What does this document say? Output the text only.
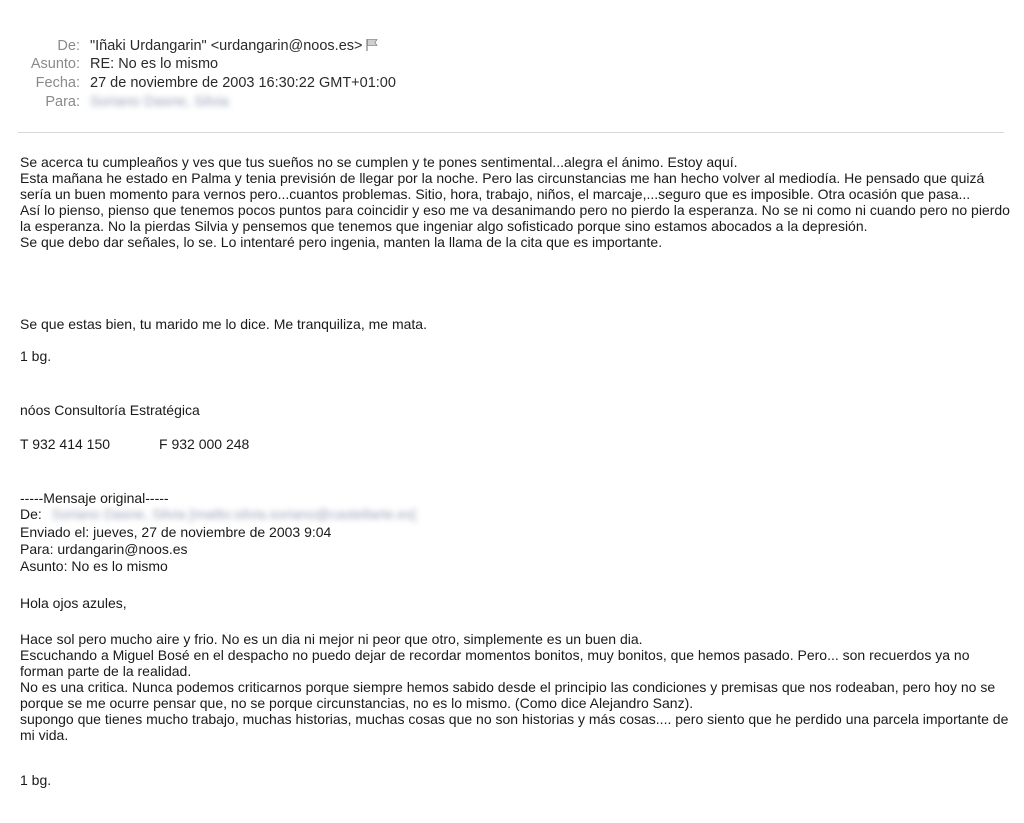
De: "Iñaki Urdangarin" <urdangarin@noos.es>
Asunto: RE: No es lo mismo
Fecha: 27 de noviembre de 2003 16:30:22 GMT+01:00
Para: Soriano Dasne, Silvia
Se acerca tu cumpleaños y ves que tus sueños no se cumplen y te pones sentimental...alegra el ánimo. Estoy aquí.
Esta mañana he estado en Palma y tenia previsión de llegar por la noche. Pero las circunstancias me han hecho volver al mediodía. He pensado que quizá sería un buen momento para vernos pero...cuantos problemas. Sitio, hora, trabajo, niños, el marcaje,...seguro que es imposible. Otra ocasión que pasa...
Así lo pienso, pienso que tenemos pocos puntos para coincidir y eso me va desanimando pero no pierdo la esperanza. No se ni como ni cuando pero no pierdo la esperanza. No la pierdas Silvia y pensemos que tenemos que ingeniar algo sofisticado porque sino estamos abocados a la depresión.
Se que debo dar señales, lo se. Lo intentaré pero ingenia, manten la llama de la cita que es importante.
Se que estas bien, tu marido me lo dice. Me tranquiliza, me mata.
1 bg.
nóos Consultoría Estratégica
T 932 414 150	F 932 000 248
-----Mensaje original-----
De: Soriano Dasne, Silvia [mailto:silvia.soriano@castellarte.es]
Enviado el: jueves, 27 de noviembre de 2003 9:04
Para: urdangarin@noos.es
Asunto: No es lo mismo
Hola ojos azules,
Hace sol pero mucho aire y frio. No es un dia ni mejor ni peor que otro, simplemente es un buen dia.
Escuchando a Miguel Bosé en el despacho no puedo dejar de recordar momentos bonitos, muy bonitos, que hemos pasado. Pero... son recuerdos ya no forman parte de la realidad.
No es una critica. Nunca podemos criticarnos porque siempre hemos sabido desde el principio las condiciones y premisas que nos rodeaban, pero hoy no se porque se me ocurre pensar que, no se porque circunstancias, no es lo mismo. (Como dice Alejandro Sanz).
supongo que tienes mucho trabajo, muchas historias, muchas cosas que no son historias y más cosas.... pero siento que he perdido una parcela importante de mi vida.
1 bg.
